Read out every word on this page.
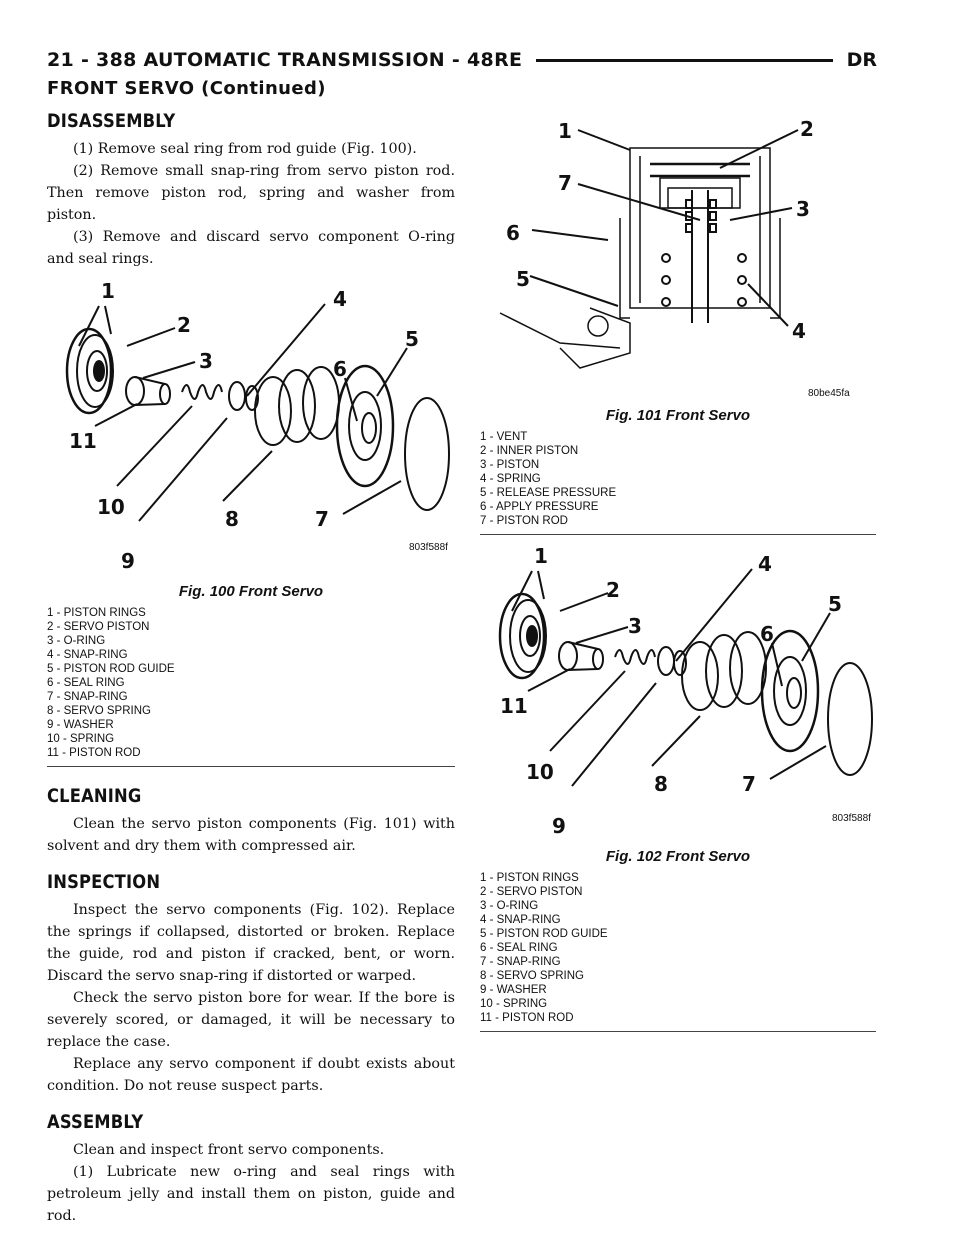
21 - 388 AUTOMATIC TRANSMISSION - 48RE	DR
FRONT SERVO (Continued)
DISASSEMBLY

(1) Remove seal ring from rod guide (Fig. 100).

(2) Remove small snap-ring from servo piston rod. Then remove piston rod, spring and washer from piston.

(3) Remove and discard servo component O-ring and seal rings.

1
2
3
4
5
6
7
8
9
10
11
803f588f
Fig. 100 Front Servo
1 - PISTON RINGS
2 - SERVO PISTON
3 - O-RING
4 - SNAP-RING
5 - PISTON ROD GUIDE
6 - SEAL RING
7 - SNAP-RING
8 - SERVO SPRING
9 - WASHER
10 - SPRING
11 - PISTON ROD
CLEANING

Clean the servo piston components (Fig. 101) with solvent and dry them with compressed air.

INSPECTION

Inspect the servo components (Fig. 102). Replace the springs if collapsed, distorted or broken. Replace the guide, rod and piston if cracked, bent, or worn. Discard the servo snap-ring if distorted or warped.

Check the servo piston bore for wear. If the bore is severely scored, or damaged, it will be necessary to replace the case.

Replace any servo component if doubt exists about condition. Do not reuse suspect parts.

ASSEMBLY

Clean and inspect front servo components.

(1) Lubricate new o-ring and seal rings with petroleum jelly and install them on piston, guide and rod.

1	2
3
4
5
6
7
80be45fa
Fig. 101 Front Servo
1 - VENT
2 - INNER PISTON
3 - PISTON
4 - SPRING
5 - RELEASE PRESSURE
6 - APPLY PRESSURE
7 - PISTON ROD
1
2
3
4
5
6
7
8
9
10
11
803f588f
Fig. 102 Front Servo
1 - PISTON RINGS
2 - SERVO PISTON
3 - O-RING
4 - SNAP-RING
5 - PISTON ROD GUIDE
6 - SEAL RING
7 - SNAP-RING
8 - SERVO SPRING
9 - WASHER
10 - SPRING
11 - PISTON ROD
